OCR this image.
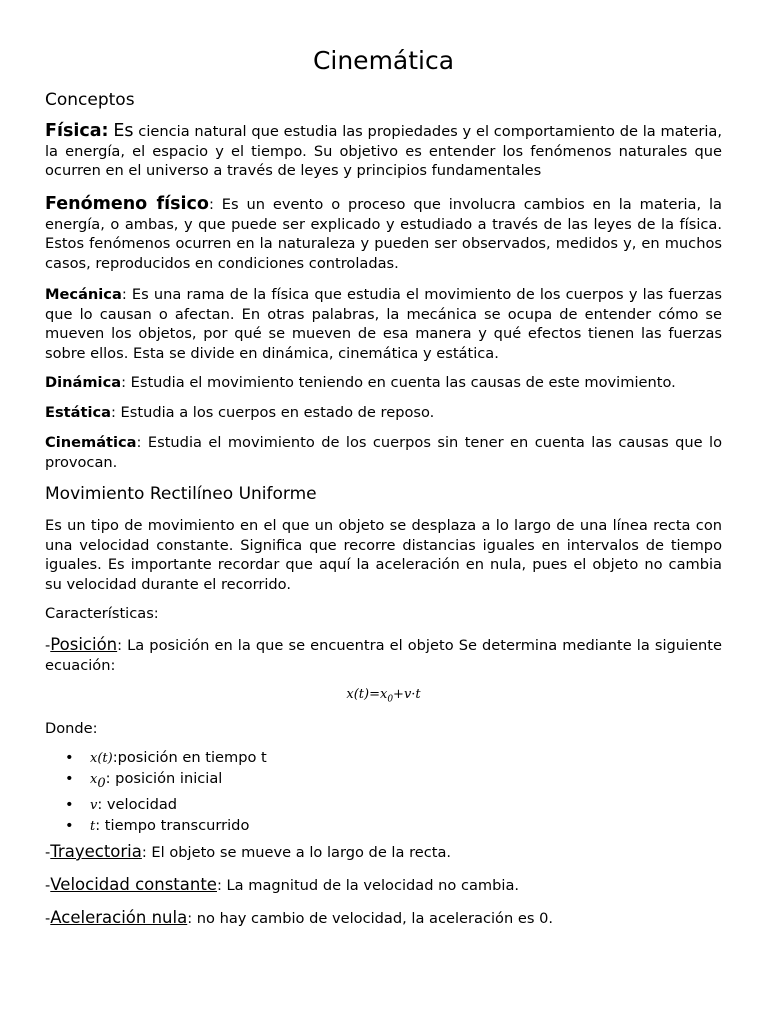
Cinemática
Conceptos

Física: Es ciencia natural que estudia las propiedades y el comportamiento de la materia, la energía, el espacio y el tiempo. Su objetivo es entender los fenómenos naturales que ocurren en el universo a través de leyes y principios fundamentales

Fenómeno físico: Es un evento o proceso que involucra cambios en la materia, la energía, o ambas, y que puede ser explicado y estudiado a través de las leyes de la física. Estos fenómenos ocurren en la naturaleza y pueden ser observados, medidos y, en muchos casos, reproducidos en condiciones controladas.

Mecánica: Es una rama de la física que estudia el movimiento de los cuerpos y las fuerzas que lo causan o afectan. En otras palabras, la mecánica se ocupa de entender cómo se mueven los objetos, por qué se mueven de esa manera y qué efectos tienen las fuerzas sobre ellos. Esta se divide en dinámica, cinemática y estática.

Dinámica: Estudia el movimiento teniendo en cuenta las causas de este movimiento.

Estática: Estudia a los cuerpos en estado de reposo.

Cinemática: Estudia el movimiento de los cuerpos sin tener en cuenta las causas que lo provocan.

Movimiento Rectilíneo Uniforme

Es un tipo de movimiento en el que un objeto se desplaza a lo largo de una línea recta con una velocidad constante. Significa que recorre distancias iguales en intervalos de tiempo iguales. Es importante recordar que aquí la aceleración en nula, pues el objeto no cambia su velocidad durante el recorrido.

Características:

-Posición: La posición en la que se encuentra el objeto Se determina mediante la siguiente ecuación:

$x(t)=x_0+v\cdot t$

Donde:

• x(t):posición en tiempo t
• $x_0$: posición inicial
• v: velocidad
• t: tiempo transcurrido

-Trayectoria: El objeto se mueve a lo largo de la recta.

-Velocidad constante: La magnitud de la velocidad no cambia.

-Aceleración nula: no hay cambio de velocidad, la aceleración es 0.
